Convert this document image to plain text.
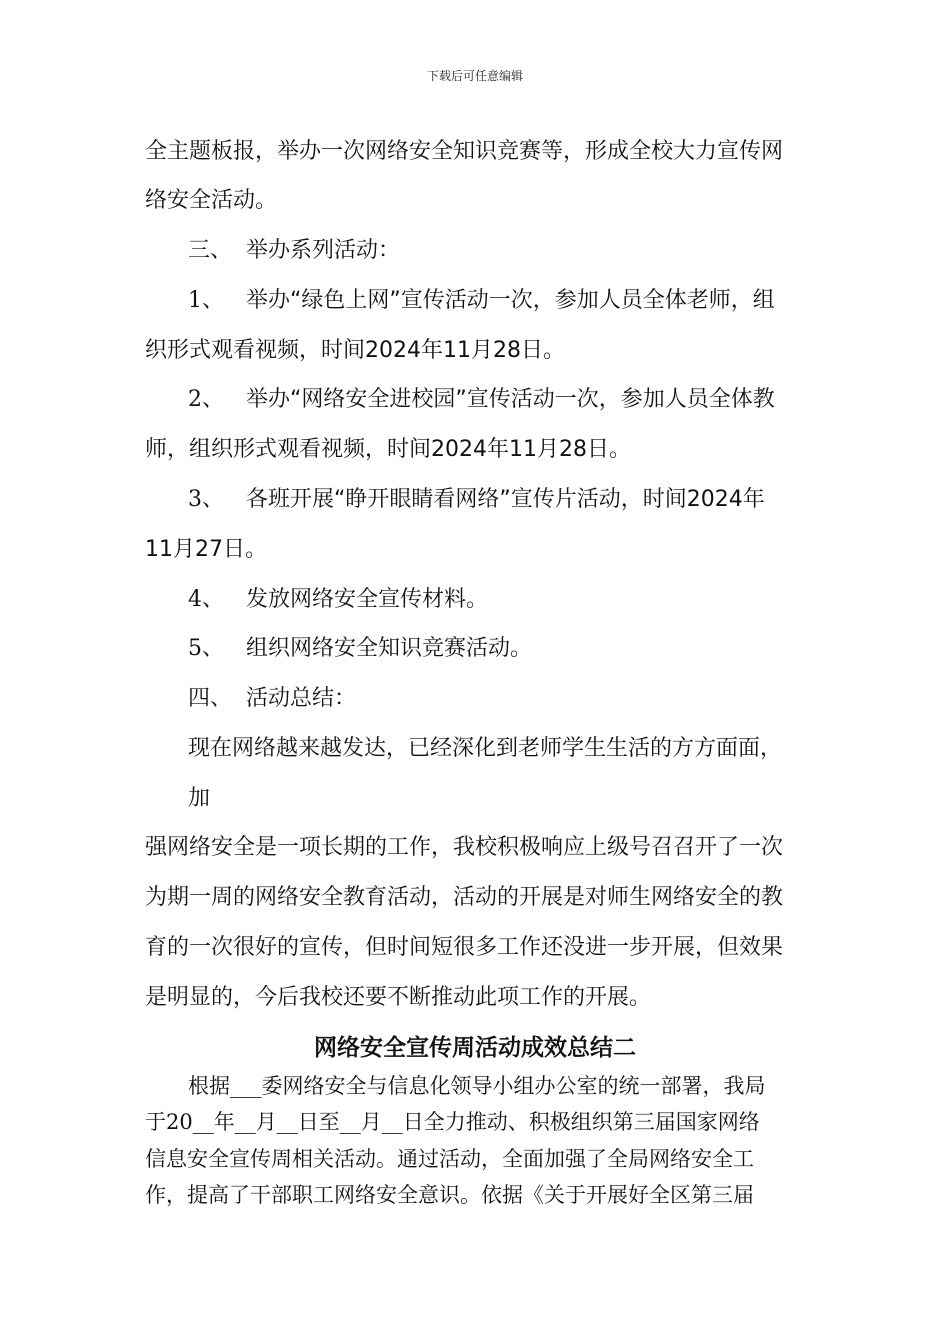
下载后可任意编辑
全主题板报，举办一次网络安全知识竞赛等，形成全校大力宣传网
络安全活动。
三、 举办系列活动：
1、 举办“绿色上网”宣传活动一次，参加人员全体老师，组
织形式观看视频，时间2024年11月28日。
2、 举办“网络安全进校园”宣传活动一次，参加人员全体教
师，组织形式观看视频，时间2024年11月28日。
3、 各班开展“睁开眼睛看网络”宣传片活动，时间2024年
11月27日。
4、 发放网络安全宣传材料。
5、 组织网络安全知识竞赛活动。
四、 活动总结：
现在网络越来越发达，已经深化到老师学生生活的方方面面，
加
强网络安全是一项长期的工作，我校积极响应上级号召召开了一次
为期一周的网络安全教育活动，活动的开展是对师生网络安全的教
育的一次很好的宣传，但时间短很多工作还没进一步开展，但效果
是明显的，今后我校还要不断推动此项工作的开展。
网络安全宣传周活动成效总结二
根据___委网络安全与信息化领导小组办公室的统一部署，我局
于20__年__月__日至__月__日全力推动、积极组织第三届国家网络
信息安全宣传周相关活动。通过活动，全面加强了全局网络安全工
作，提高了干部职工网络安全意识。依据《关于开展好全区第三届
